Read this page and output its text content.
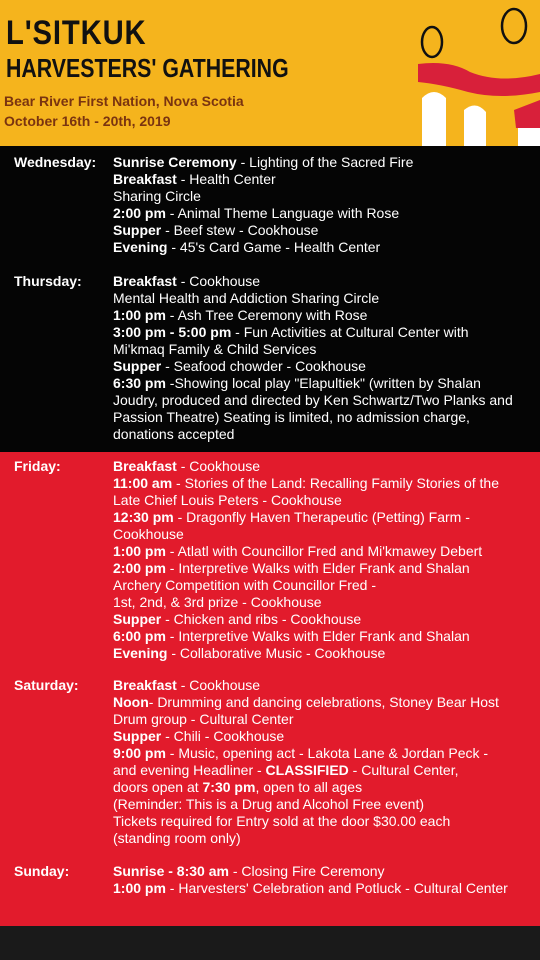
L'SITKUK
HARVESTERS' GATHERING
Bear River First Nation, Nova Scotia
October 16th - 20th, 2019
Wednesday: Sunrise Ceremony - Lighting of the Sacred Fire
Breakfast - Health Center
Sharing Circle
2:00 pm - Animal Theme Language with Rose
Supper - Beef stew - Cookhouse
Evening - 45's Card Game - Health Center
Thursday: Breakfast - Cookhouse
Mental Health and Addiction Sharing Circle
1:00 pm - Ash Tree Ceremony with Rose
3:00 pm - 5:00 pm - Fun Activities at Cultural Center with
Mi'kmaq Family & Child Services
Supper - Seafood chowder - Cookhouse
6:30 pm -Showing local play "Elapultiek" (written by Shalan
Joudry, produced and directed by Ken Schwartz/Two Planks and
Passion Theatre) Seating is limited, no admission charge,
donations accepted
Friday:	Breakfast - Cookhouse
11:00 am - Stories of the Land: Recalling Family Stories of the
Late Chief Louis Peters - Cookhouse
12:30 pm - Dragonfly Haven Therapeutic (Petting) Farm -
Cookhouse
1:00 pm - Atlatl with Councillor Fred and Mi'kmawey Debert
2:00 pm - Interpretive Walks with Elder Frank and Shalan
Archery Competition with Councillor Fred -
1st, 2nd, & 3rd prize - Cookhouse
Supper - Chicken and ribs - Cookhouse
6:00 pm - Interpretive Walks with Elder Frank and Shalan
Evening - Collaborative Music - Cookhouse
Saturday: Breakfast - Cookhouse
Noon- Drumming and dancing celebrations, Stoney Bear Host
Drum group - Cultural Center
Supper - Chili - Cookhouse
9:00 pm - Music, opening act - Lakota Lane & Jordan Peck -
and evening Headliner - CLASSIFIED - Cultural Center,
doors open at 7:30 pm, open to all ages
(Reminder: This is a Drug and Alcohol Free event)
Tickets required for Entry sold at the door $30.00 each
(standing room only)
Sunday:	Sunrise - 8:30 am - Closing Fire Ceremony
1:00 pm - Harvesters' Celebration and Potluck - Cultural Center
